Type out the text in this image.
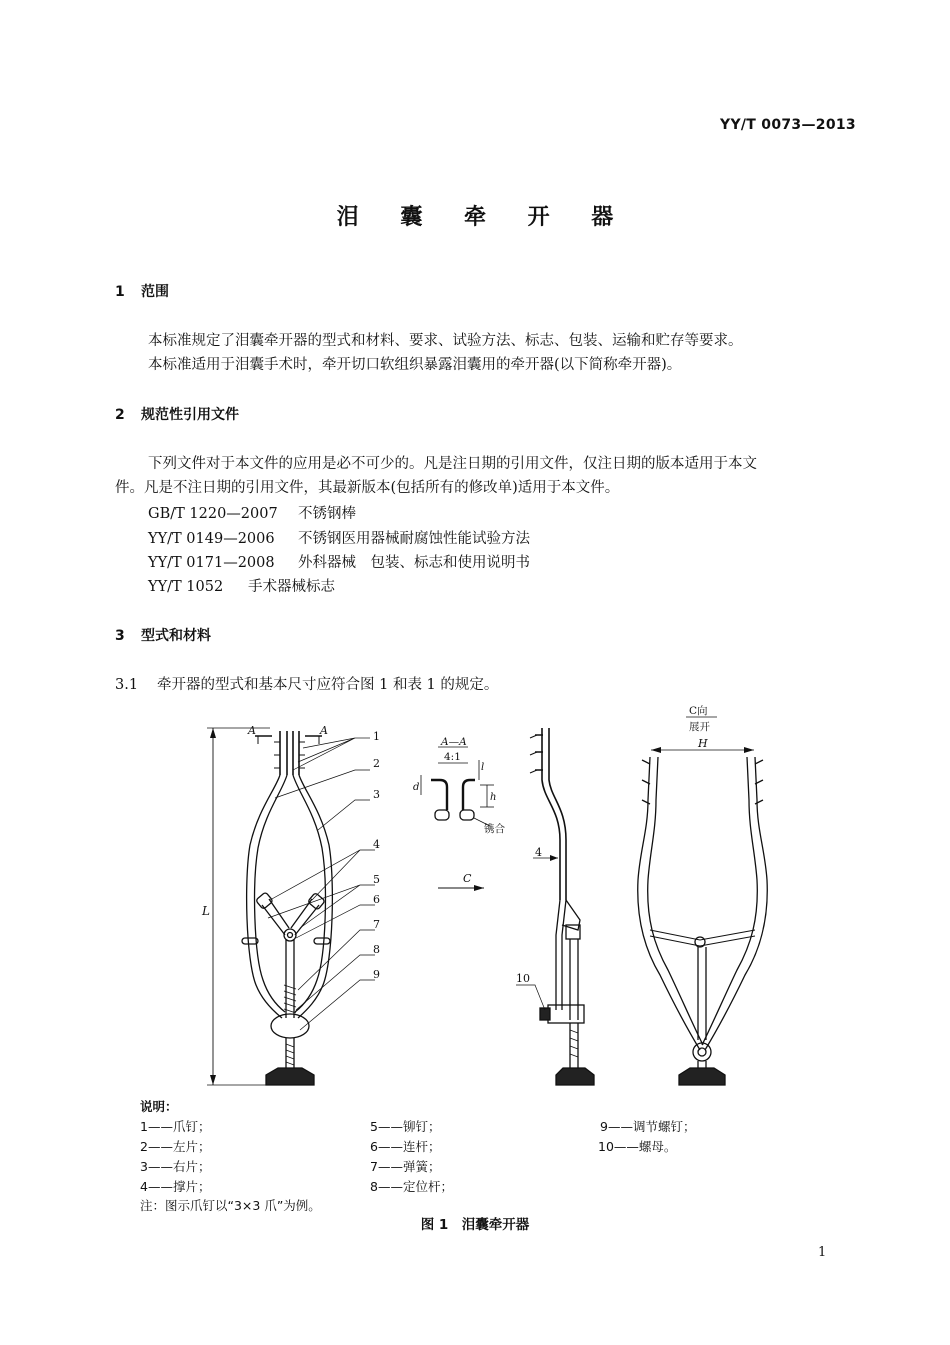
YY/T 0073—2013
泪 囊 牵 开 器
1 范围
本标准规定了泪囊牵开器的型式和材料、要求、试验方法、标志、包装、运输和贮存等要求。
本标准适用于泪囊手术时，牵开切口软组织暴露泪囊用的牵开器(以下简称牵开器)。
2 规范性引用文件
下列文件对于本文件的应用是必不可少的。凡是注日期的引用文件，仅注日期的版本适用于本文
件。凡是不注日期的引用文件，其最新版本(包括所有的修改单)适用于本文件。
GB/T 1220—2007 不锈钢棒
YY/T 0149—2006 不锈钢医用器械耐腐蚀性能试验方法
YY/T 0171—2008 外科器械　包装、标志和使用说明书
YY/T 1052 手术器械标志
3 型式和材料
3.1 牵开器的型式和基本尺寸应符合图 1 和表 1 的规定。
L
A	A	1
2
3
4
5
6
7
8
9	10
4
A—A
4:1
d
l
h
镌合
C
C向
展开
H
说明：
1——爪钉；
2——左片；
3——右片；
4——撑片；
5——铆钉；
6——连杆；
7——弹簧；
8——定位杆；
9——调节螺钉；
10——螺母。
注：图示爪钉以“3×3 爪”为例。
图 1　泪囊牵开器
1
